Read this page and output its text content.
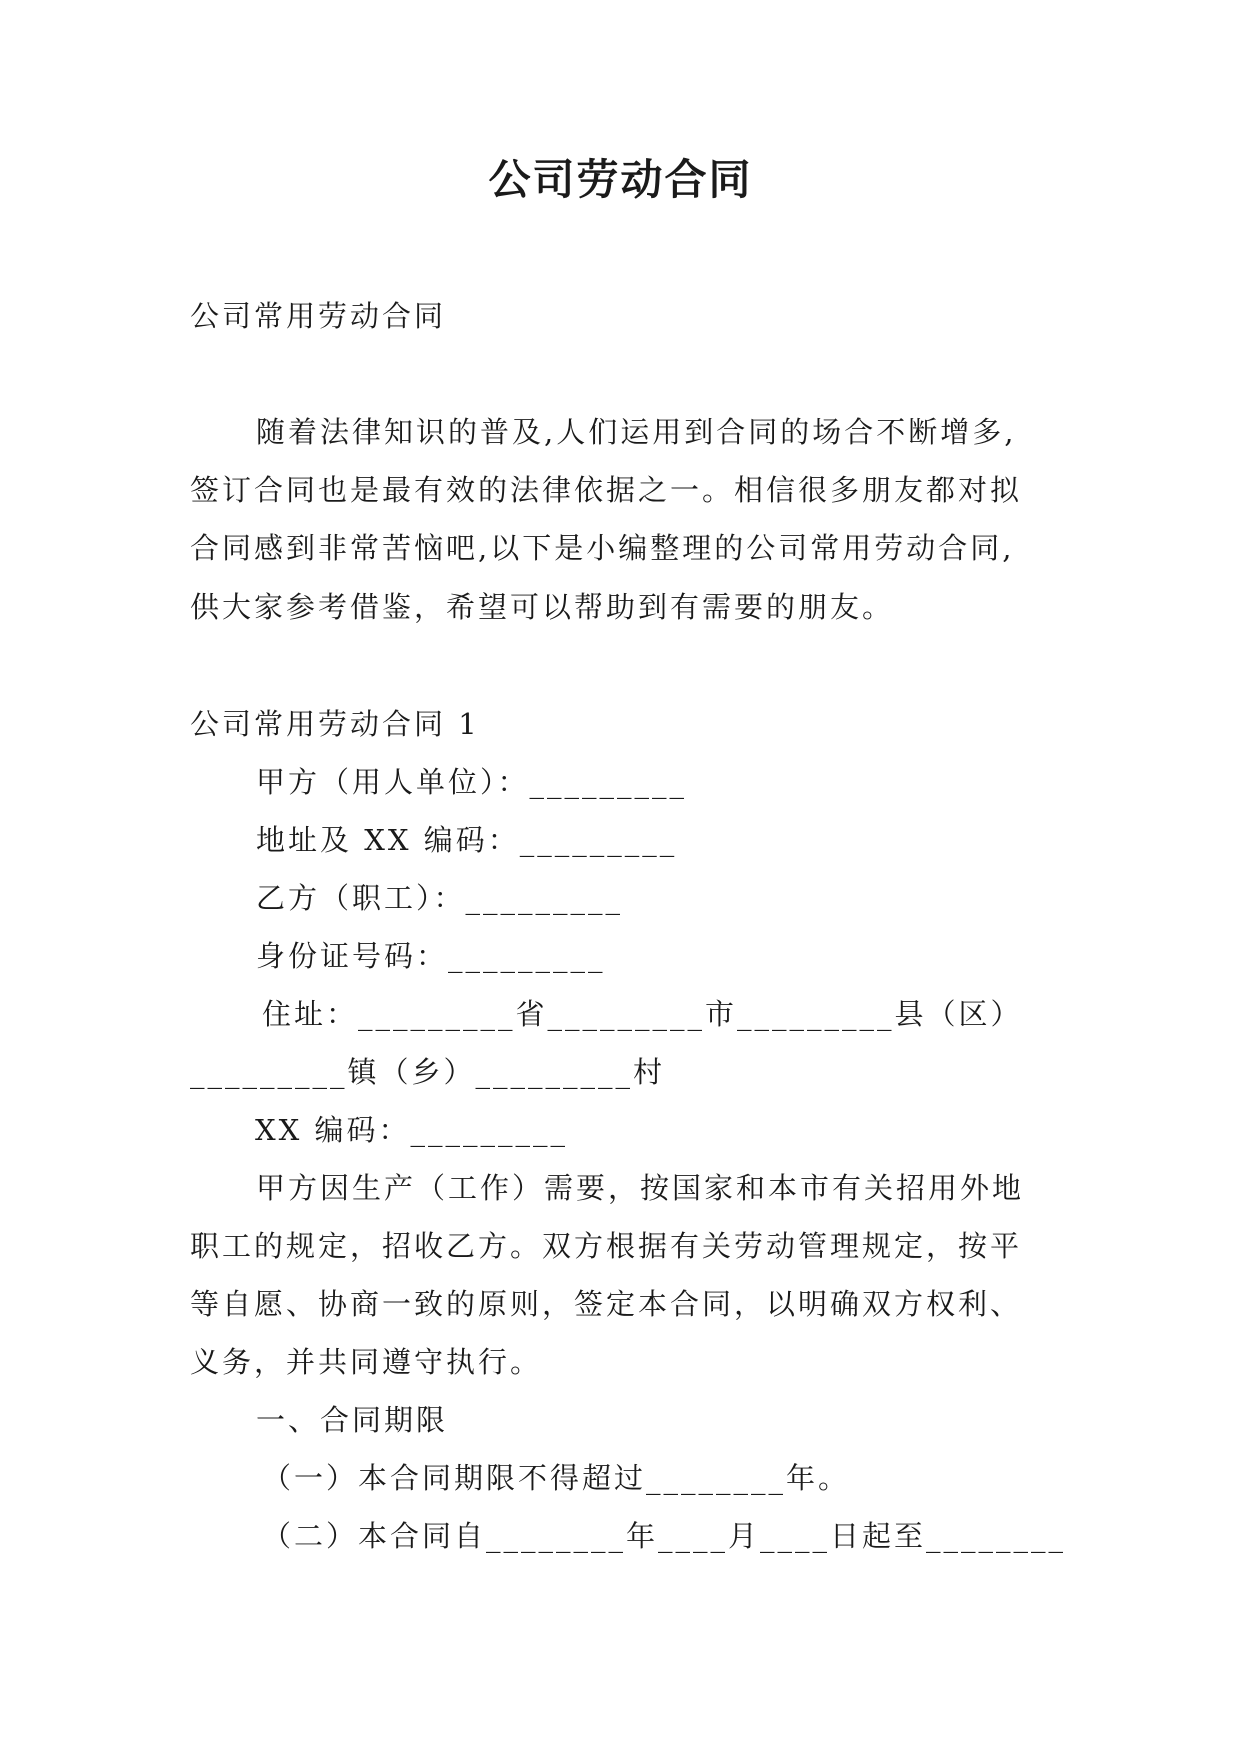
公司劳动合同
公司常用劳动合同
随着法律知识的普及,人们运用到合同的场合不断增多,
签订合同也是最有效的法律依据之一。相信很多朋友都对拟
合同感到非常苦恼吧,以下是小编整理的公司常用劳动合同,
供大家参考借鉴，希望可以帮助到有需要的朋友。
公司常用劳动合同 1
甲方（用人单位）：_________
地址及 XX 编码：_________
乙方（职工）：_________
身份证号码：_________
住址：_________省_________市_________县（区）
_________镇（乡）_________村
XX 编码：_________
甲方因生产（工作）需要，按国家和本市有关招用外地
职工的规定，招收乙方。双方根据有关劳动管理规定，按平
等自愿、协商一致的原则，签定本合同，以明确双方权利、
义务，并共同遵守执行。
一、合同期限
（一）本合同期限不得超过________年。
（二）本合同自________年____月____日起至________
